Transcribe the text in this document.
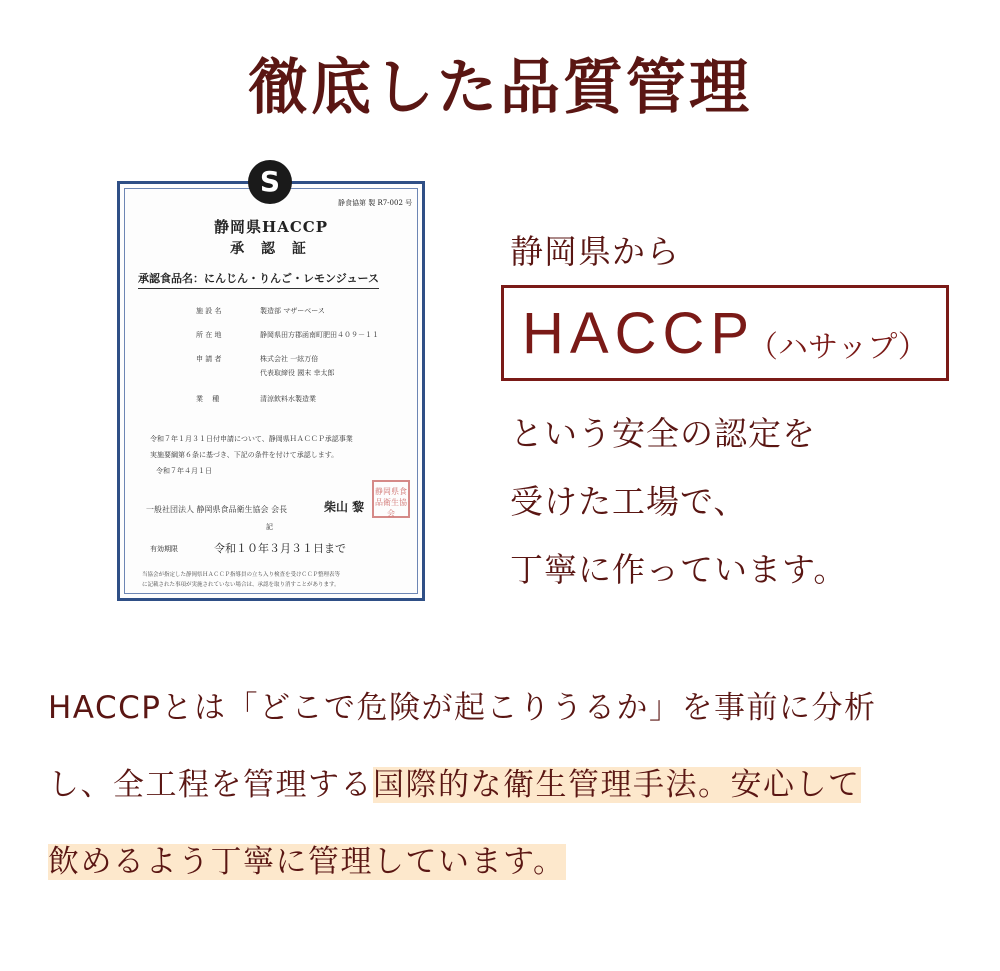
徹底した品質管理
静食協第 製 R7-002 号
静岡県HACCP
承 認 証
承認食品名：にんじん・りんご・レモンジュース
施 設 名	製造部 マザーベース
所 在 地	静岡県田方郡函南町肥田４０９－１１
申 請 者	株式会社 一絃万倍
代表取締役 國末 幸太郎
業　 種	清涼飲料水製造業
令和７年１月３１日付申請について、静岡県ＨＡＣＣＰ承認事業
実施要綱第６条に基づき、下記の条件を付けて承認します。
令和７年４月１日
一般社団法人 静岡県食品衛生協会 会長	柴山 黎
静岡県食品衛生協会
記
有効期限	令和１０年３月３１日まで
当協会が指定した静岡県ＨＡＣＣＰ指導員の立ち入り検査を受けＣＣＰ整理表等
に記載された事項が実施されていない場合は、承認を取り消すことがあります。
S
静岡県から
HACCP
（ハサップ）
という安全の認定を
受けた工場で、
丁寧に作っています。
HACCPとは「どこで危険が起こりうるか」を事前に分析
し、全工程を管理する国際的な衛生管理手法。安心して
飲めるよう丁寧に管理しています。
